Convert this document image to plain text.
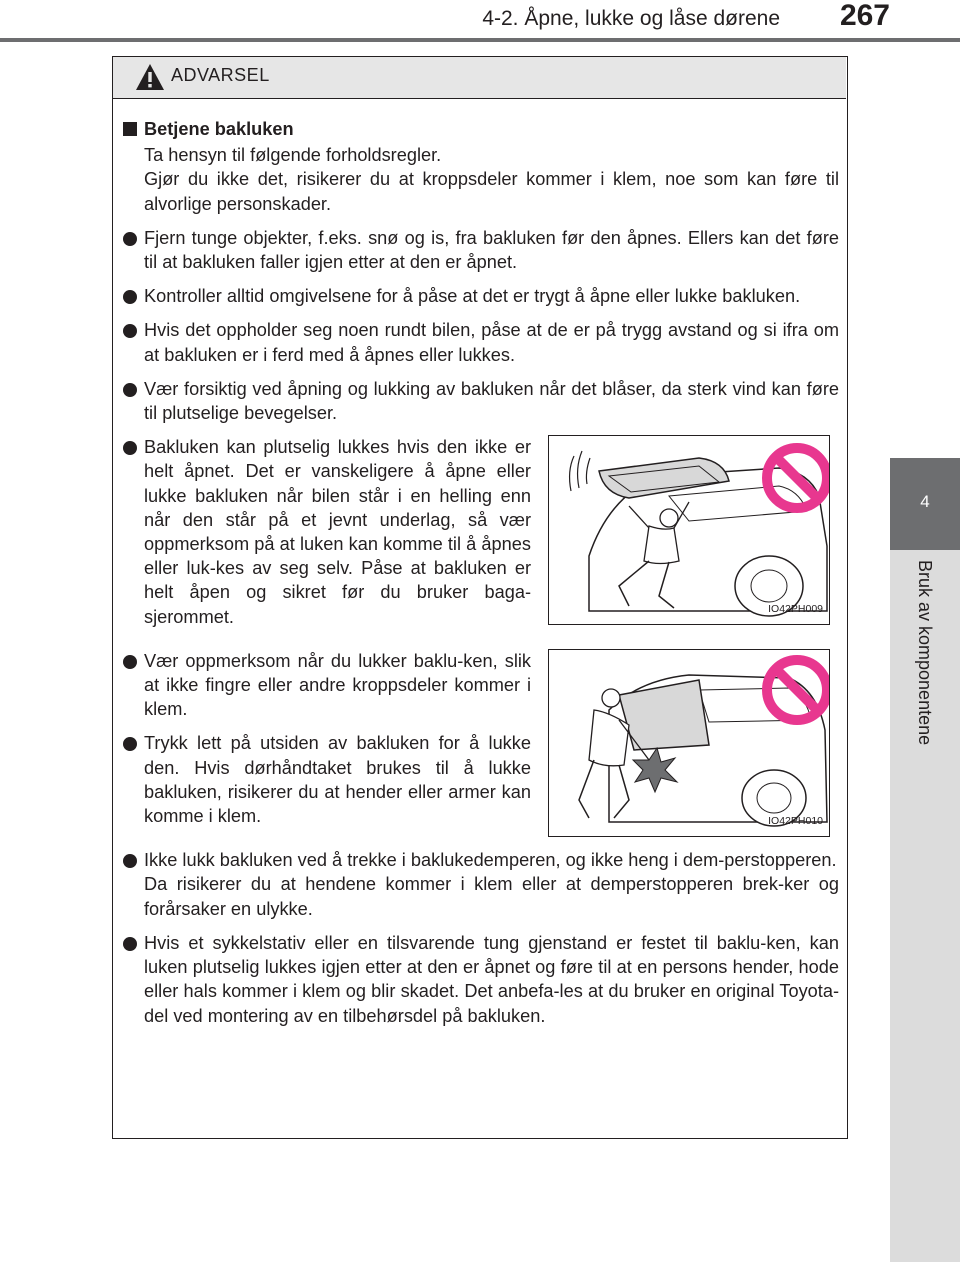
4-2. Åpne, lukke og låse dørene	267
4
Bruk av komponentene
ADVARSEL
Betjene bakluken
Ta hensyn til følgende forholdsregler.
Gjør du ikke det, risikerer du at kroppsdeler kommer i klem, noe som kan føre til alvorlige personskader.
Fjern tunge objekter, f.eks. snø og is, fra bakluken før den åpnes. Ellers kan det føre til at bakluken faller igjen etter at den er åpnet.
Kontroller alltid omgivelsene for å påse at det er trygt å åpne eller lukke bakluken.
Hvis det oppholder seg noen rundt bilen, påse at de er på trygg avstand og si ifra om at bakluken er i ferd med å åpnes eller lukkes.
Vær forsiktig ved åpning og lukking av bakluken når det blåser, da sterk vind kan føre til plutselige bevegelser.
Bakluken kan plutselig lukkes hvis den ikke er helt åpnet. Det er vanskeligere å åpne eller lukke bakluken når bilen står i en helling enn når den står på et jevnt underlag, så vær oppmerksom på at luken kan komme til å åpnes eller luk-kes av seg selv. Påse at bakluken er helt åpen og sikret før du bruker baga-sjerommet.	IO42PH009
Vær oppmerksom når du lukker baklu-ken, slik at ikke fingre eller andre kroppsdeler kommer i klem.
Trykk lett på utsiden av bakluken for å lukke den. Hvis dørhåndtaket brukes til å lukke bakluken, risikerer du at hender eller armer kan komme i klem.	IO42PH010
Ikke lukk bakluken ved å trekke i baklukedemperen, og ikke heng i dem-perstopperen.
Da risikerer du at hendene kommer i klem eller at demperstopperen brek-ker og forårsaker en ulykke.
Hvis et sykkelstativ eller en tilsvarende tung gjenstand er festet til baklu-ken, kan luken plutselig lukkes igjen etter at den er åpnet og føre til at en persons hender, hode eller hals kommer i klem og blir skadet. Det anbefa-les at du bruker en original Toyota-del ved montering av en tilbehørsdel på bakluken.
